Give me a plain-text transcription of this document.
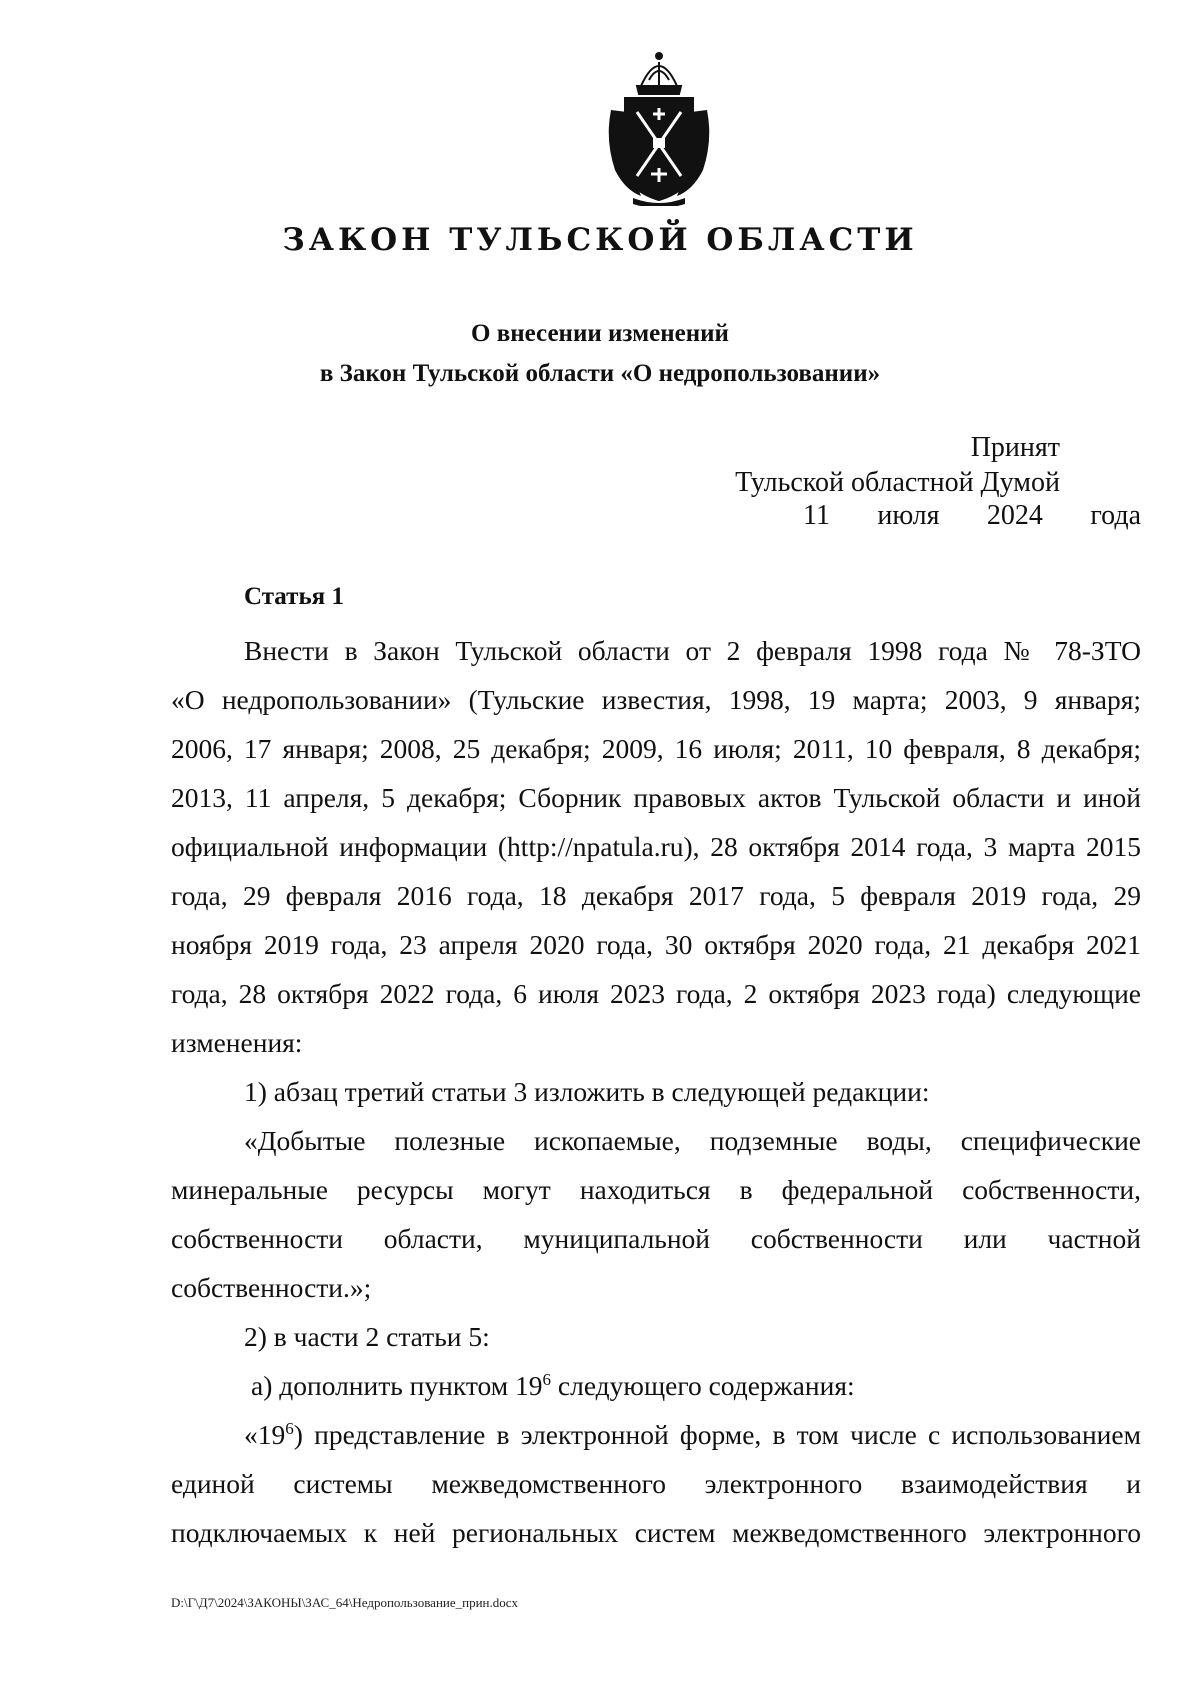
ЗАКОН ТУЛЬСКОЙ ОБЛАСТИ
О внесении изменений
в Закон Тульской области «О недропользовании»
Принят
Тульской областной Думой
11 июля 2024 года
Статья 1
Внести в Закон Тульской области от 2 февраля 1998 года № 78-ЗТО
«О недропользовании» (Тульские известия, 1998, 19 марта; 2003, 9 января;
2006, 17 января; 2008, 25 декабря; 2009, 16 июля; 2011, 10 февраля, 8 декабря;
2013, 11 апреля, 5 декабря; Сборник правовых актов Тульской области и иной
официальной информации (http://npatula.ru), 28 октября 2014 года, 3 марта 2015
года, 29 февраля 2016 года, 18 декабря 2017 года, 5 февраля 2019 года, 29
ноября 2019 года, 23 апреля 2020 года, 30 октября 2020 года, 21 декабря 2021
года, 28 октября 2022 года, 6 июля 2023 года, 2 октября 2023 года) следующие
изменения:
1) абзац третий статьи 3 изложить в следующей редакции:
«Добытые полезные ископаемые, подземные воды, специфические
минеральные ресурсы могут находиться в федеральной собственности,
собственности области, муниципальной собственности или частной
собственности.»;
2) в части 2 статьи 5:
а) дополнить пунктом $19^6$ следующего содержания:
«$19^6$) представление в электронной форме, в том числе с использованием
единой системы межведомственного электронного взаимодействия и
подключаемых к ней региональных систем межведомственного электронного
D:\Г\Д7\2024\ЗАКОНЫ\ЗАС_64\Недропользование_прин.docx
